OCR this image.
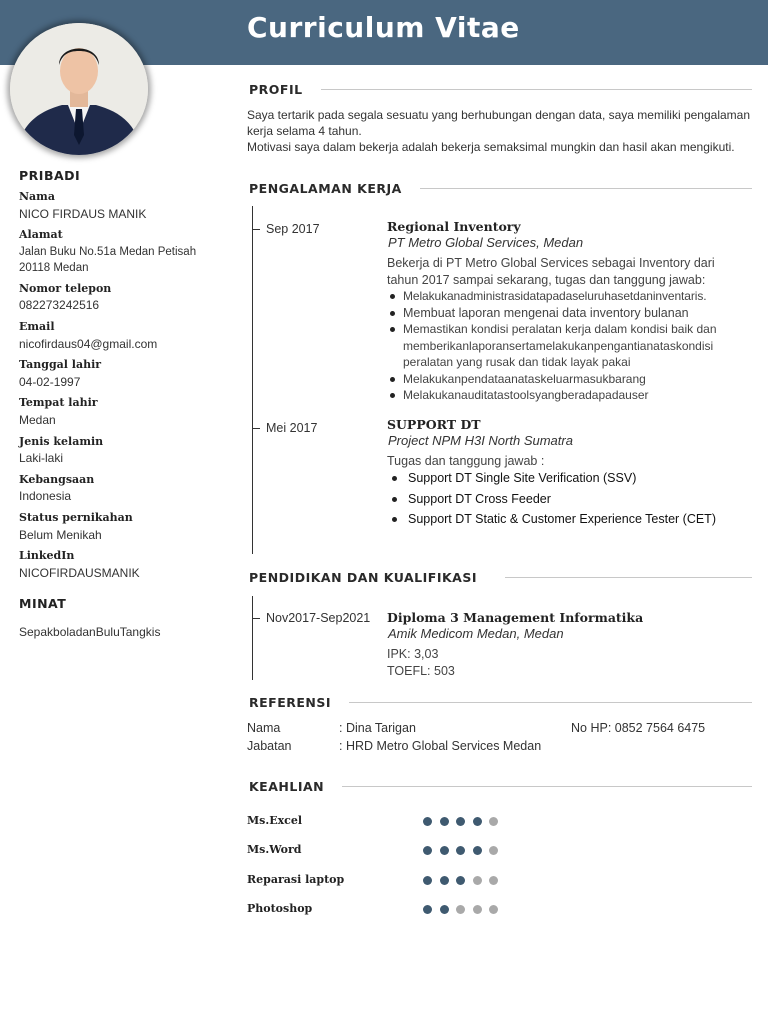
Curriculum Vitae
PRIBADI
Nama
NICO FIRDAUS MANIK
Alamat
Jalan Buku No.51a Medan Petisah 20118 Medan
Nomor telepon
082273242516
Email
nicofirdaus04@gmail.com
Tanggal lahir
04-02-1997
Tempat lahir
Medan
Jenis kelamin
Laki-laki
Kebangsaan
Indonesia
Status pernikahan
Belum Menikah
LinkedIn
NICOFIRDAUSMANIK
MINAT
SepakboladanBuluTangkis
PROFIL
Saya tertarik pada segala sesuatu yang berhubungan dengan data, saya memiliki pengalaman kerja selama 4 tahun.
Motivasi saya dalam bekerja adalah bekerja semaksimal mungkin dan hasil akan mengikuti.
PENGALAMAN KERJA
Sep 2017	Regional Inventory
PT Metro Global Services, Medan
Bekerja di PT Metro Global Services sebagai Inventory dari tahun 2017 sampai sekarang, tugas dan tanggung jawab:
Melakukanadministrasidatapadaseluruhasetdaninventaris.
Membuat laporan mengenai data inventory bulanan
Memastikan kondisi peralatan kerja dalam kondisi baik dan memberikanlaporansertamelakukanpengantianataskondisi peralatan yang rusak dan tidak layak pakai
Melakukanpendataanataskeluarmasukbarang
Melakukanauditatastoolsyangberadapadauser
Mei 2017	SUPPORT DT
Project NPM H3I North Sumatra
Tugas dan tanggung jawab :
Support DT Single Site Verification (SSV)
Support DT Cross Feeder
Support DT Static & Customer Experience Tester (CET)
PENDIDIKAN DAN KUALIFIKASI
Nov2017-Sep2021 Diploma 3 Management Informatika
Amik Medicom Medan, Medan
IPK: 3,03
TOEFL: 503
REFERENSI
Nama	: Dina Tarigan	No HP: 0852 7564 6475
Jabatan	: HRD Metro Global Services Medan
KEAHLIAN
Ms.Excel
Ms.Word
Reparasi laptop
Photoshop
